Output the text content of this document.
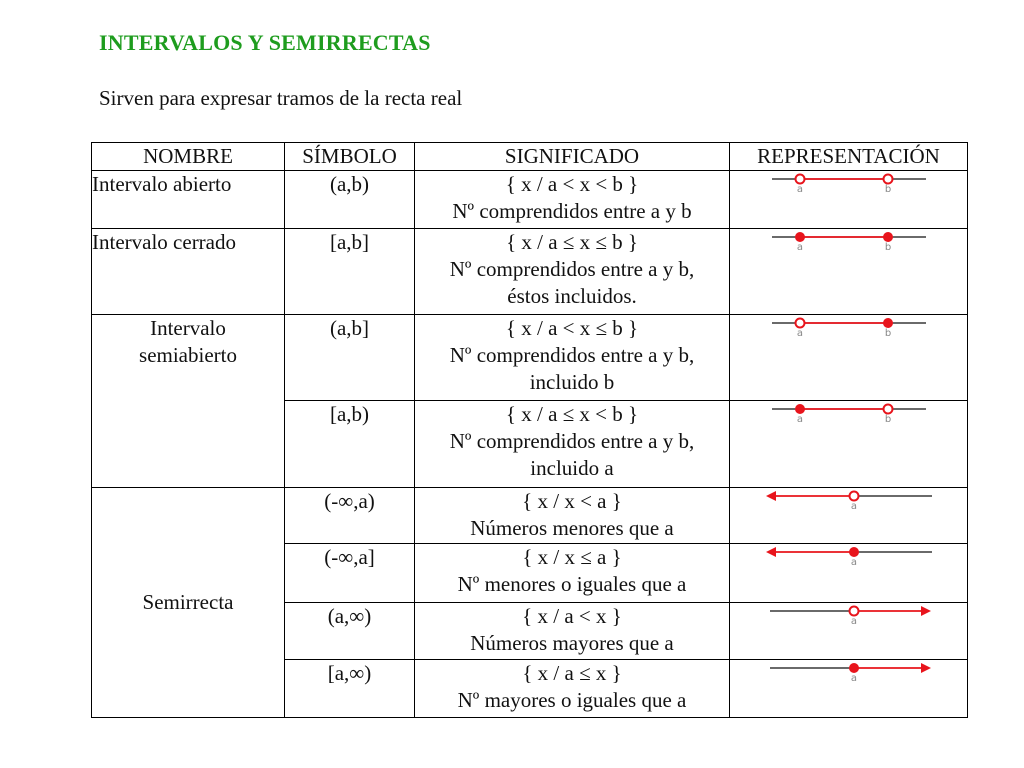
INTERVALOS Y SEMIRRECTAS
Sirven para expresar tramos de la recta real
NOMBRE	SÍMBOLO	SIGNIFICADO	REPRESENTACIÓN
Intervalo abierto	(a,b)	{ x / a < x < b }
Nº comprendidos entre a y b	a b

Intervalo cerrado	[a,b]	{ x / a ≤ x ≤ b }
Nº comprendidos entre a y b,
éstos incluidos.	a b

Intervalo
semiabierto	(a,b]	{ x / a < x ≤ b }
Nº comprendidos entre a y b,
incluido b	a b

	[a,b)	{ x / a ≤ x < b }
Nº comprendidos entre a y b,
incluido a	a b

Semirrecta	(-∞,a)	{ x / x < a }
Números menores que a	a

	(-∞,a]	{ x / x ≤ a }
Nº menores o iguales que a	a

	(a,∞)	{ x / a < x }
Números mayores que a	a

	[a,∞)	{ x / a ≤ x }
Nº mayores o iguales que a	a
